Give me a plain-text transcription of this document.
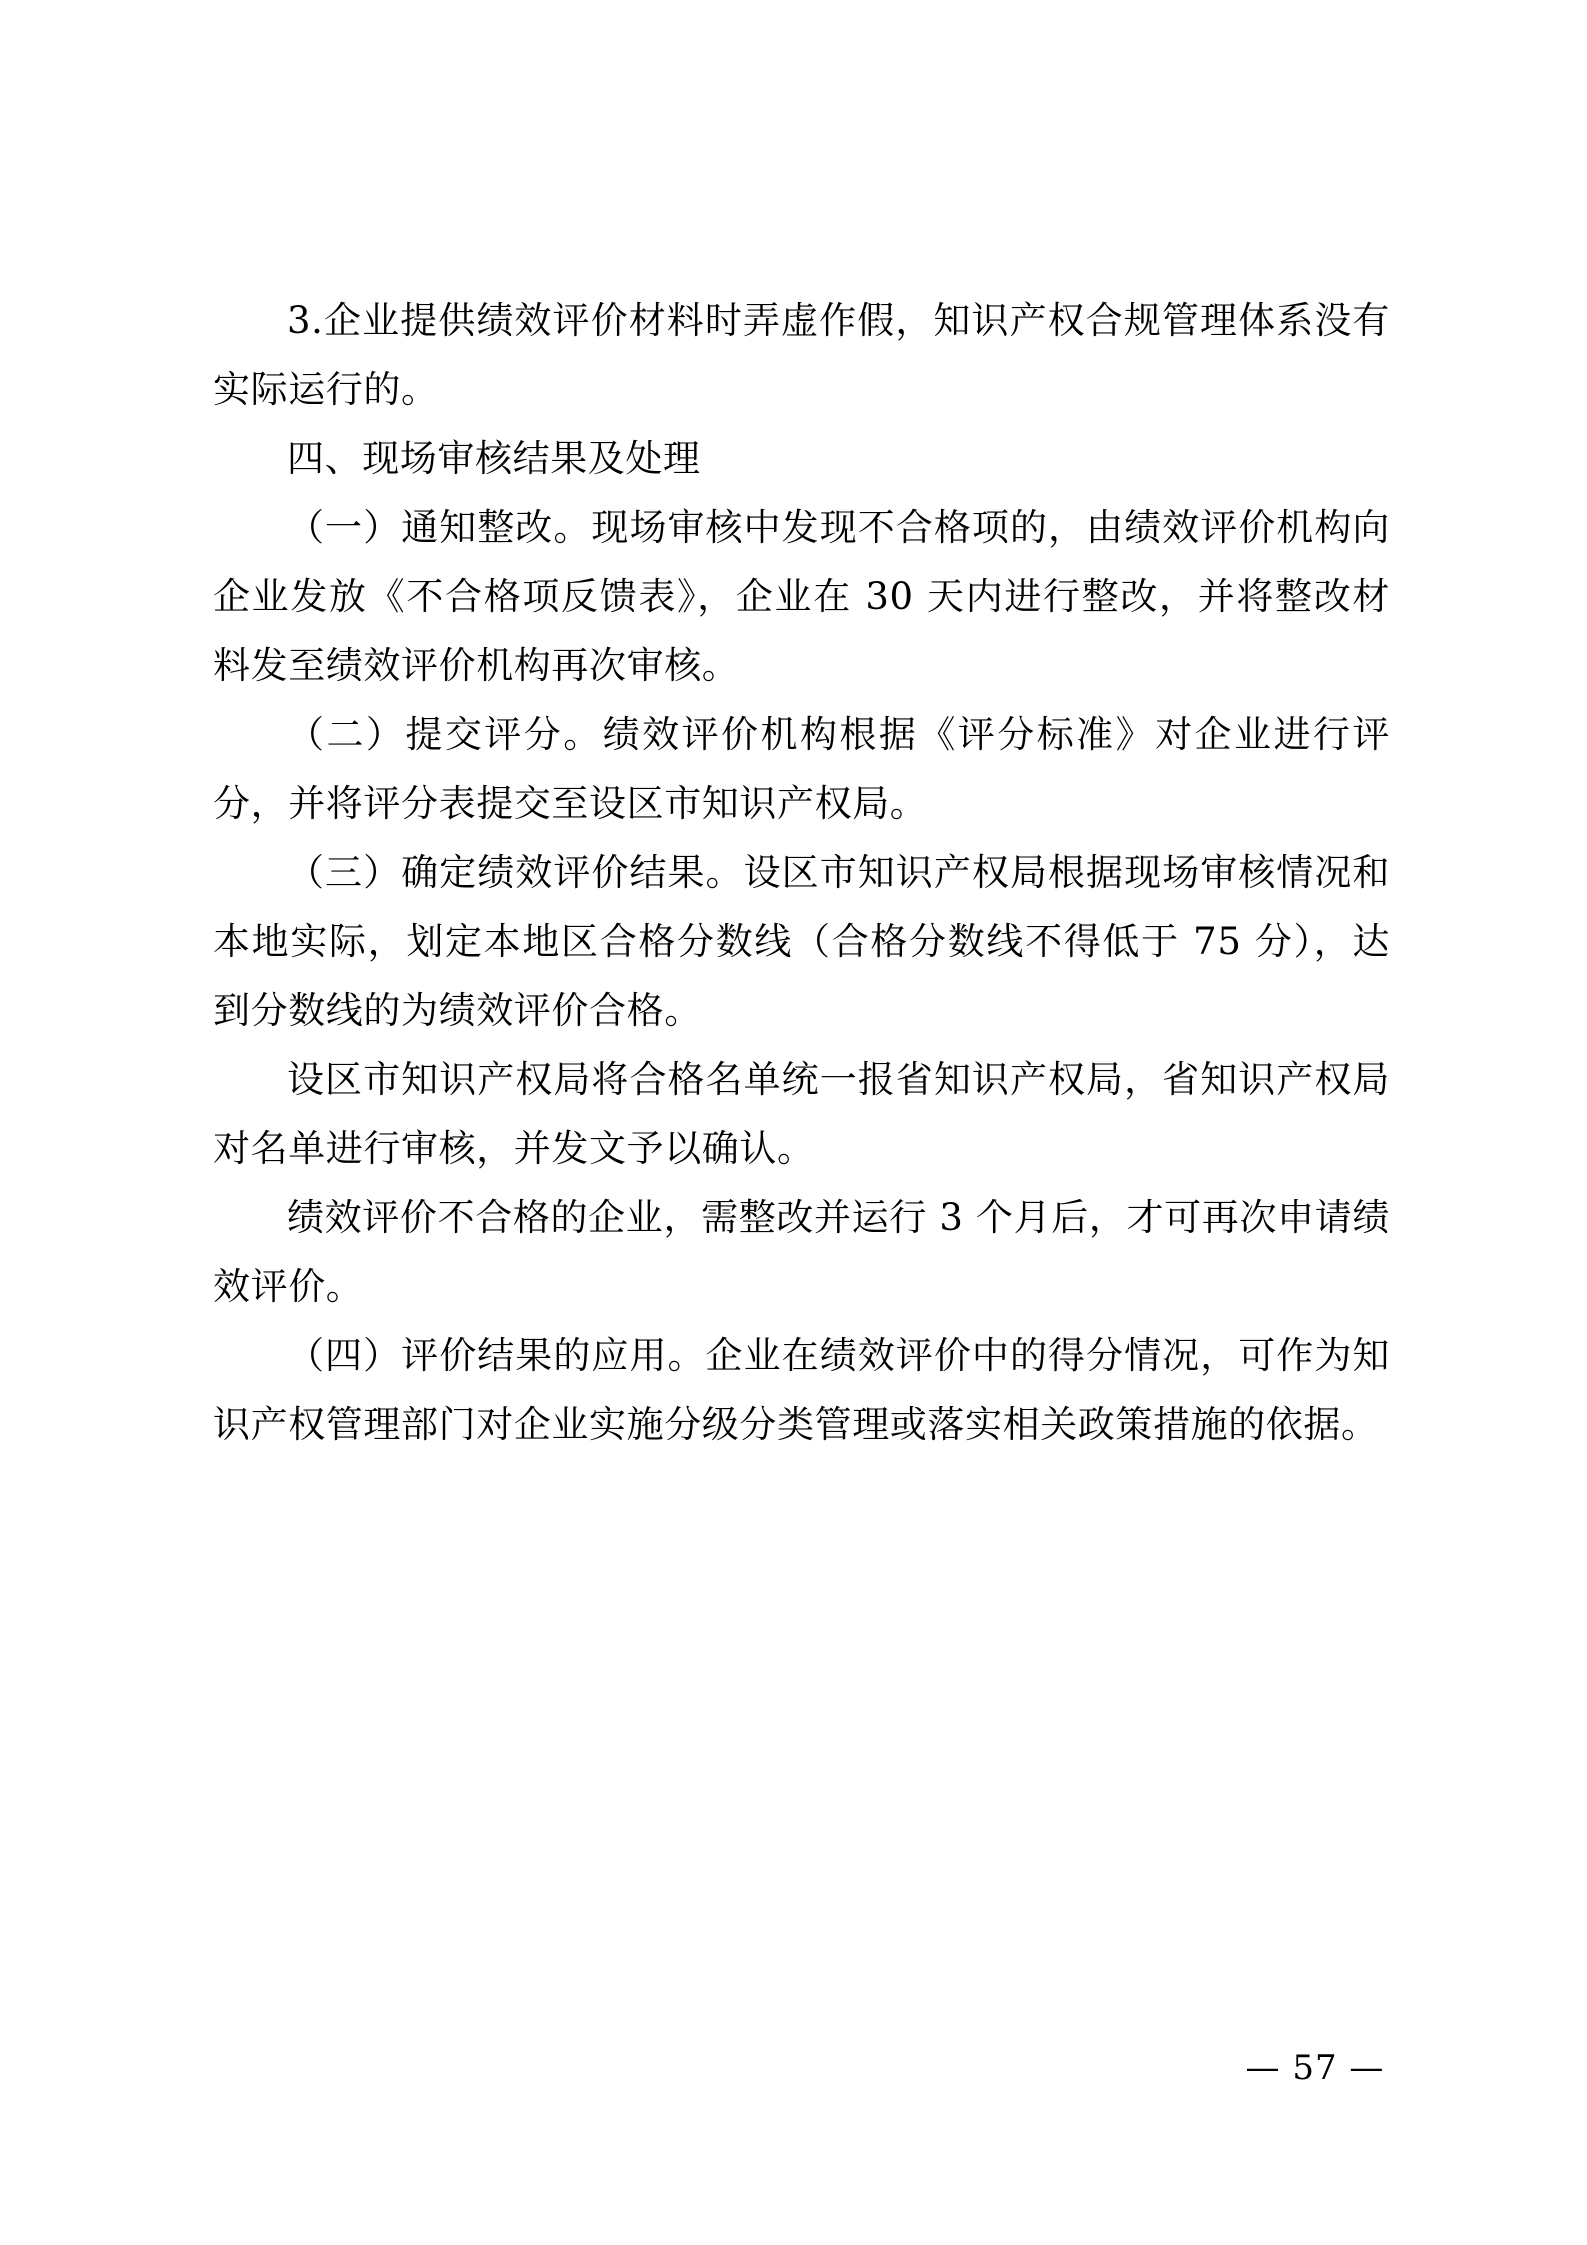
3.企业提供绩效评价材料时弄虚作假，知识产权合规管理体系没有实际运行的。

四、现场审核结果及处理

（一）通知整改。现场审核中发现不合格项的，由绩效评价机构向企业发放《不合格项反馈表》，企业在 30 天内进行整改，并将整改材料发至绩效评价机构再次审核。

（二）提交评分。绩效评价机构根据《评分标准》对企业进行评分，并将评分表提交至设区市知识产权局。

（三）确定绩效评价结果。设区市知识产权局根据现场审核情况和本地实际，划定本地区合格分数线（合格分数线不得低于 75 分），达到分数线的为绩效评价合格。

设区市知识产权局将合格名单统一报省知识产权局，省知识产权局对名单进行审核，并发文予以确认。

绩效评价不合格的企业，需整改并运行 3 个月后，才可再次申请绩效评价。

（四）评价结果的应用。企业在绩效评价中的得分情况，可作为知识产权管理部门对企业实施分级分类管理或落实相关政策措施的依据。

— 57 —
